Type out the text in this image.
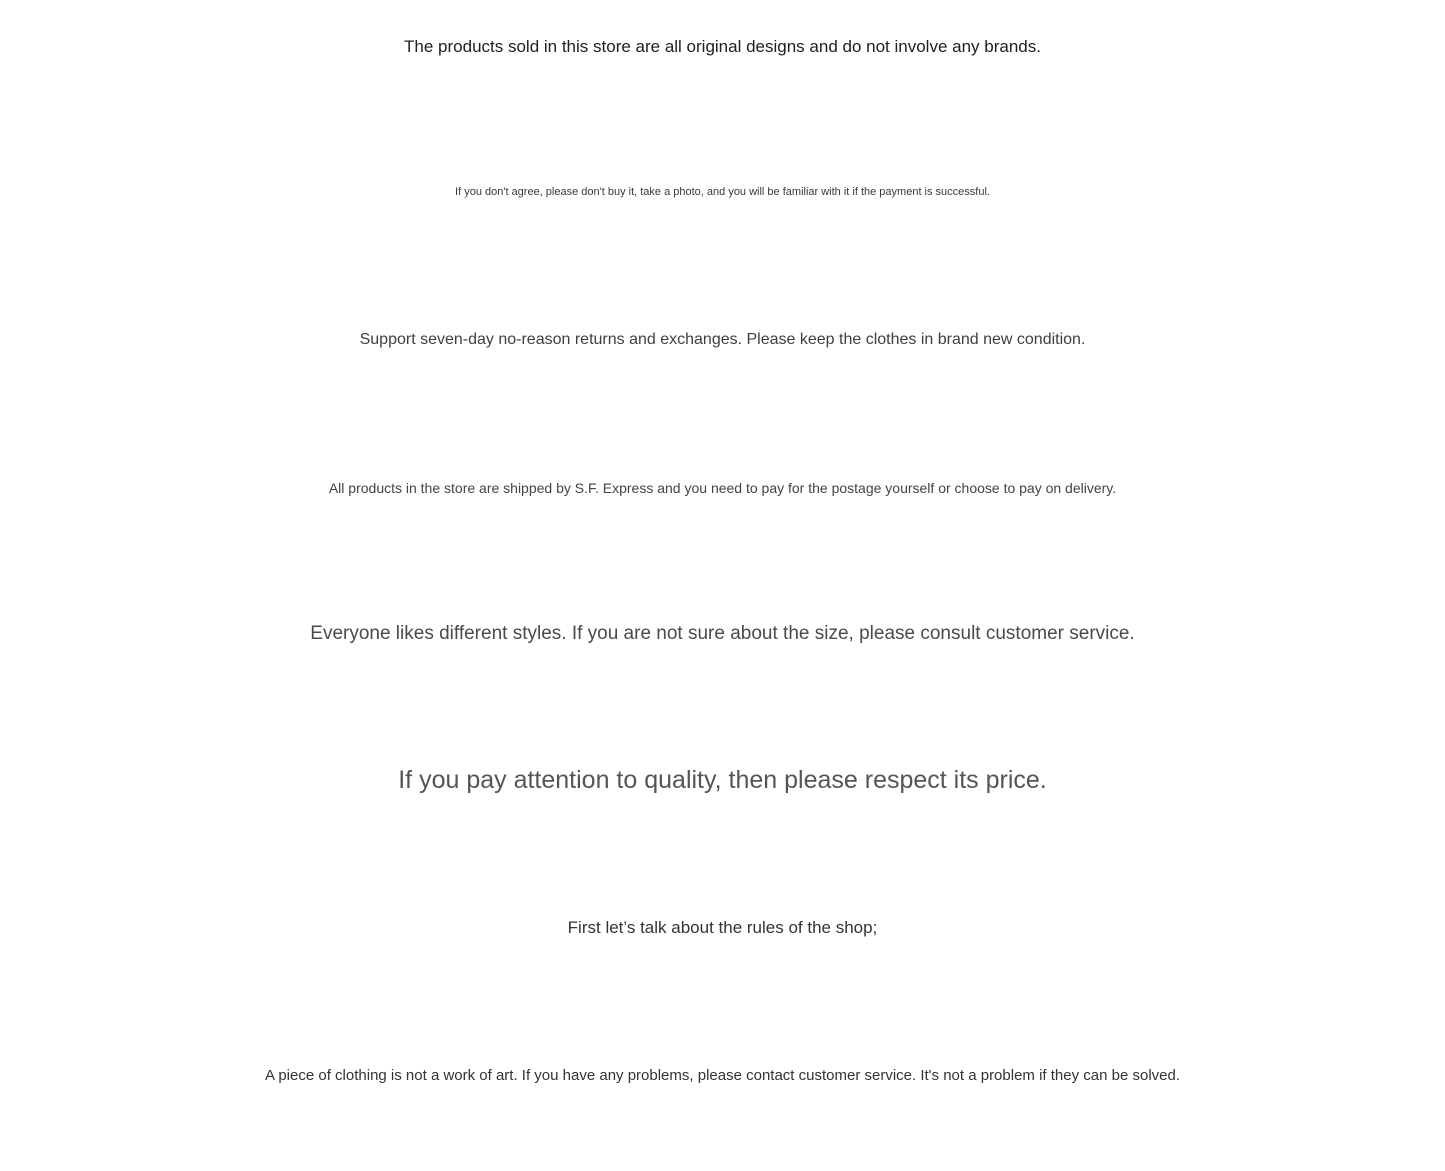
The products sold in this store are all original designs and do not involve any brands.

If you don't agree, please don't buy it, take a photo, and you will be familiar with it if the payment is successful.

Support seven-day no-reason returns and exchanges. Please keep the clothes in brand new condition.

All products in the store are shipped by S.F. Express and you need to pay for the postage yourself or choose to pay on delivery.

Everyone likes different styles. If you are not sure about the size, please consult customer service.

If you pay attention to quality, then please respect its price.

First let’s talk about the rules of the shop;

A piece of clothing is not a work of art. If you have any problems, please contact customer service. It's not a problem if they can be solved.
